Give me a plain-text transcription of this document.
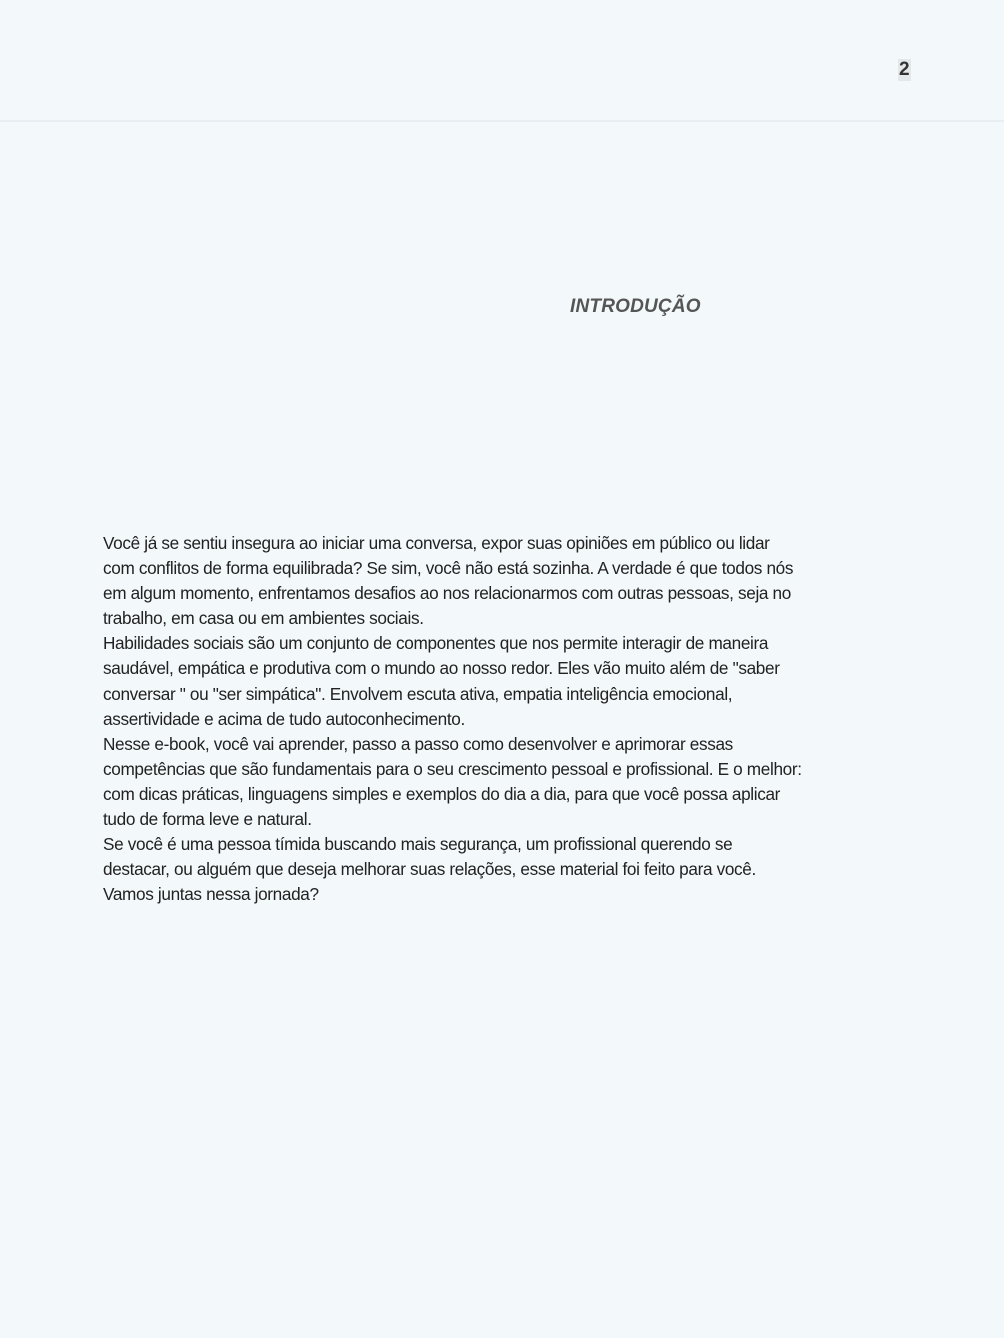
2
INTRODUÇÃO
Você já se sentiu insegura ao iniciar uma conversa, expor suas opiniões em público ou lidar
com conflitos de forma equilibrada? Se sim, você não está sozinha. A verdade é que todos nós
em algum momento, enfrentamos desafios ao nos relacionarmos com outras pessoas, seja no
trabalho, em casa ou em ambientes sociais.
Habilidades sociais são um conjunto de componentes que nos permite interagir de maneira
saudável, empática e produtiva com o mundo ao nosso redor. Eles vão muito além de "saber
conversar " ou "ser simpática". Envolvem escuta ativa, empatia inteligência emocional,
assertividade e acima de tudo autoconhecimento.
Nesse e-book, você vai aprender, passo a passo como desenvolver e aprimorar essas
competências que são fundamentais para o seu crescimento pessoal e profissional. E o melhor:
com dicas práticas, linguagens simples e exemplos do dia a dia, para que você possa aplicar
tudo de forma leve e natural.
Se você é uma pessoa tímida buscando mais segurança, um profissional querendo se
destacar, ou alguém que deseja melhorar suas relações, esse material foi feito para você.
Vamos juntas nessa jornada?
